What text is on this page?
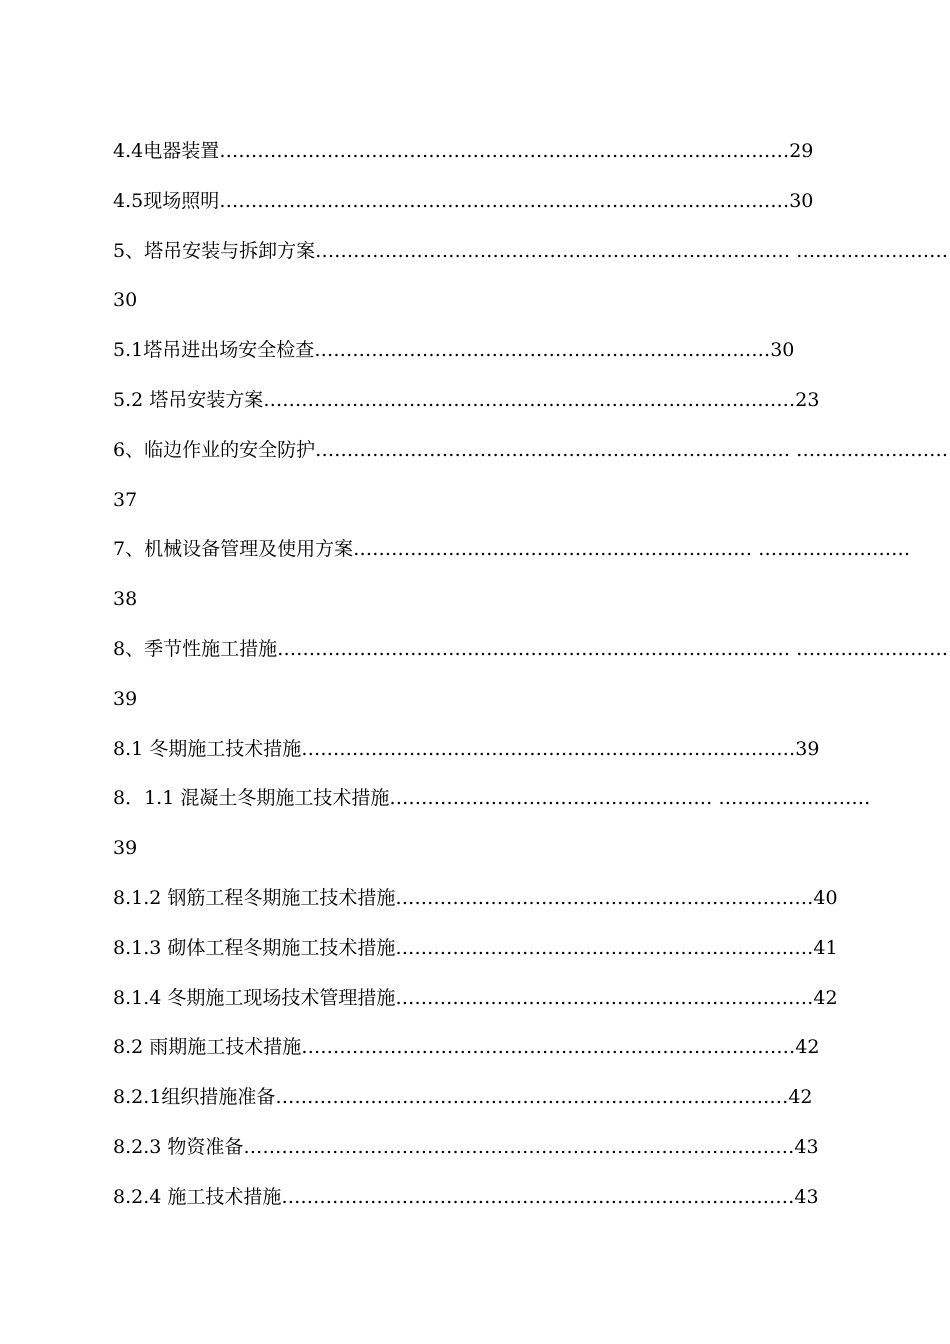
4.4电器装置………………………………………………………………………………29
4.5现场照明………………………………………………………………………………30
5、塔吊安装与拆卸方案………………………………………………………………… ……………………
30
5.1塔吊进出场安全检查………………………………………………………………30
5.2 塔吊安装方案…………………………………………………………………………23
6、临边作业的安全防护………………………………………………………………… ……………………
37
7、机械设备管理及使用方案……………………………………………………… ……………………
38
8、季节性施工措施……………………………………………………………………… ……………………
39
8.1 冬期施工技术措施……………………………………………………………………39
8．1.1 混凝土冬期施工技术措施…………………………………………… ……………………
39
8.1.2 钢筋工程冬期施工技术措施…………………………………………………………40
8.1.3 砌体工程冬期施工技术措施…………………………………………………………41
8.1.4 冬期施工现场技术管理措施…………………………………………………………42
8.2 雨期施工技术措施……………………………………………………………………42
8.2.1组织措施准备………………………………………………………………………42
8.2.3 物资准备……………………………………………………………………………43
8.2.4 施工技术措施………………………………………………………………………43
